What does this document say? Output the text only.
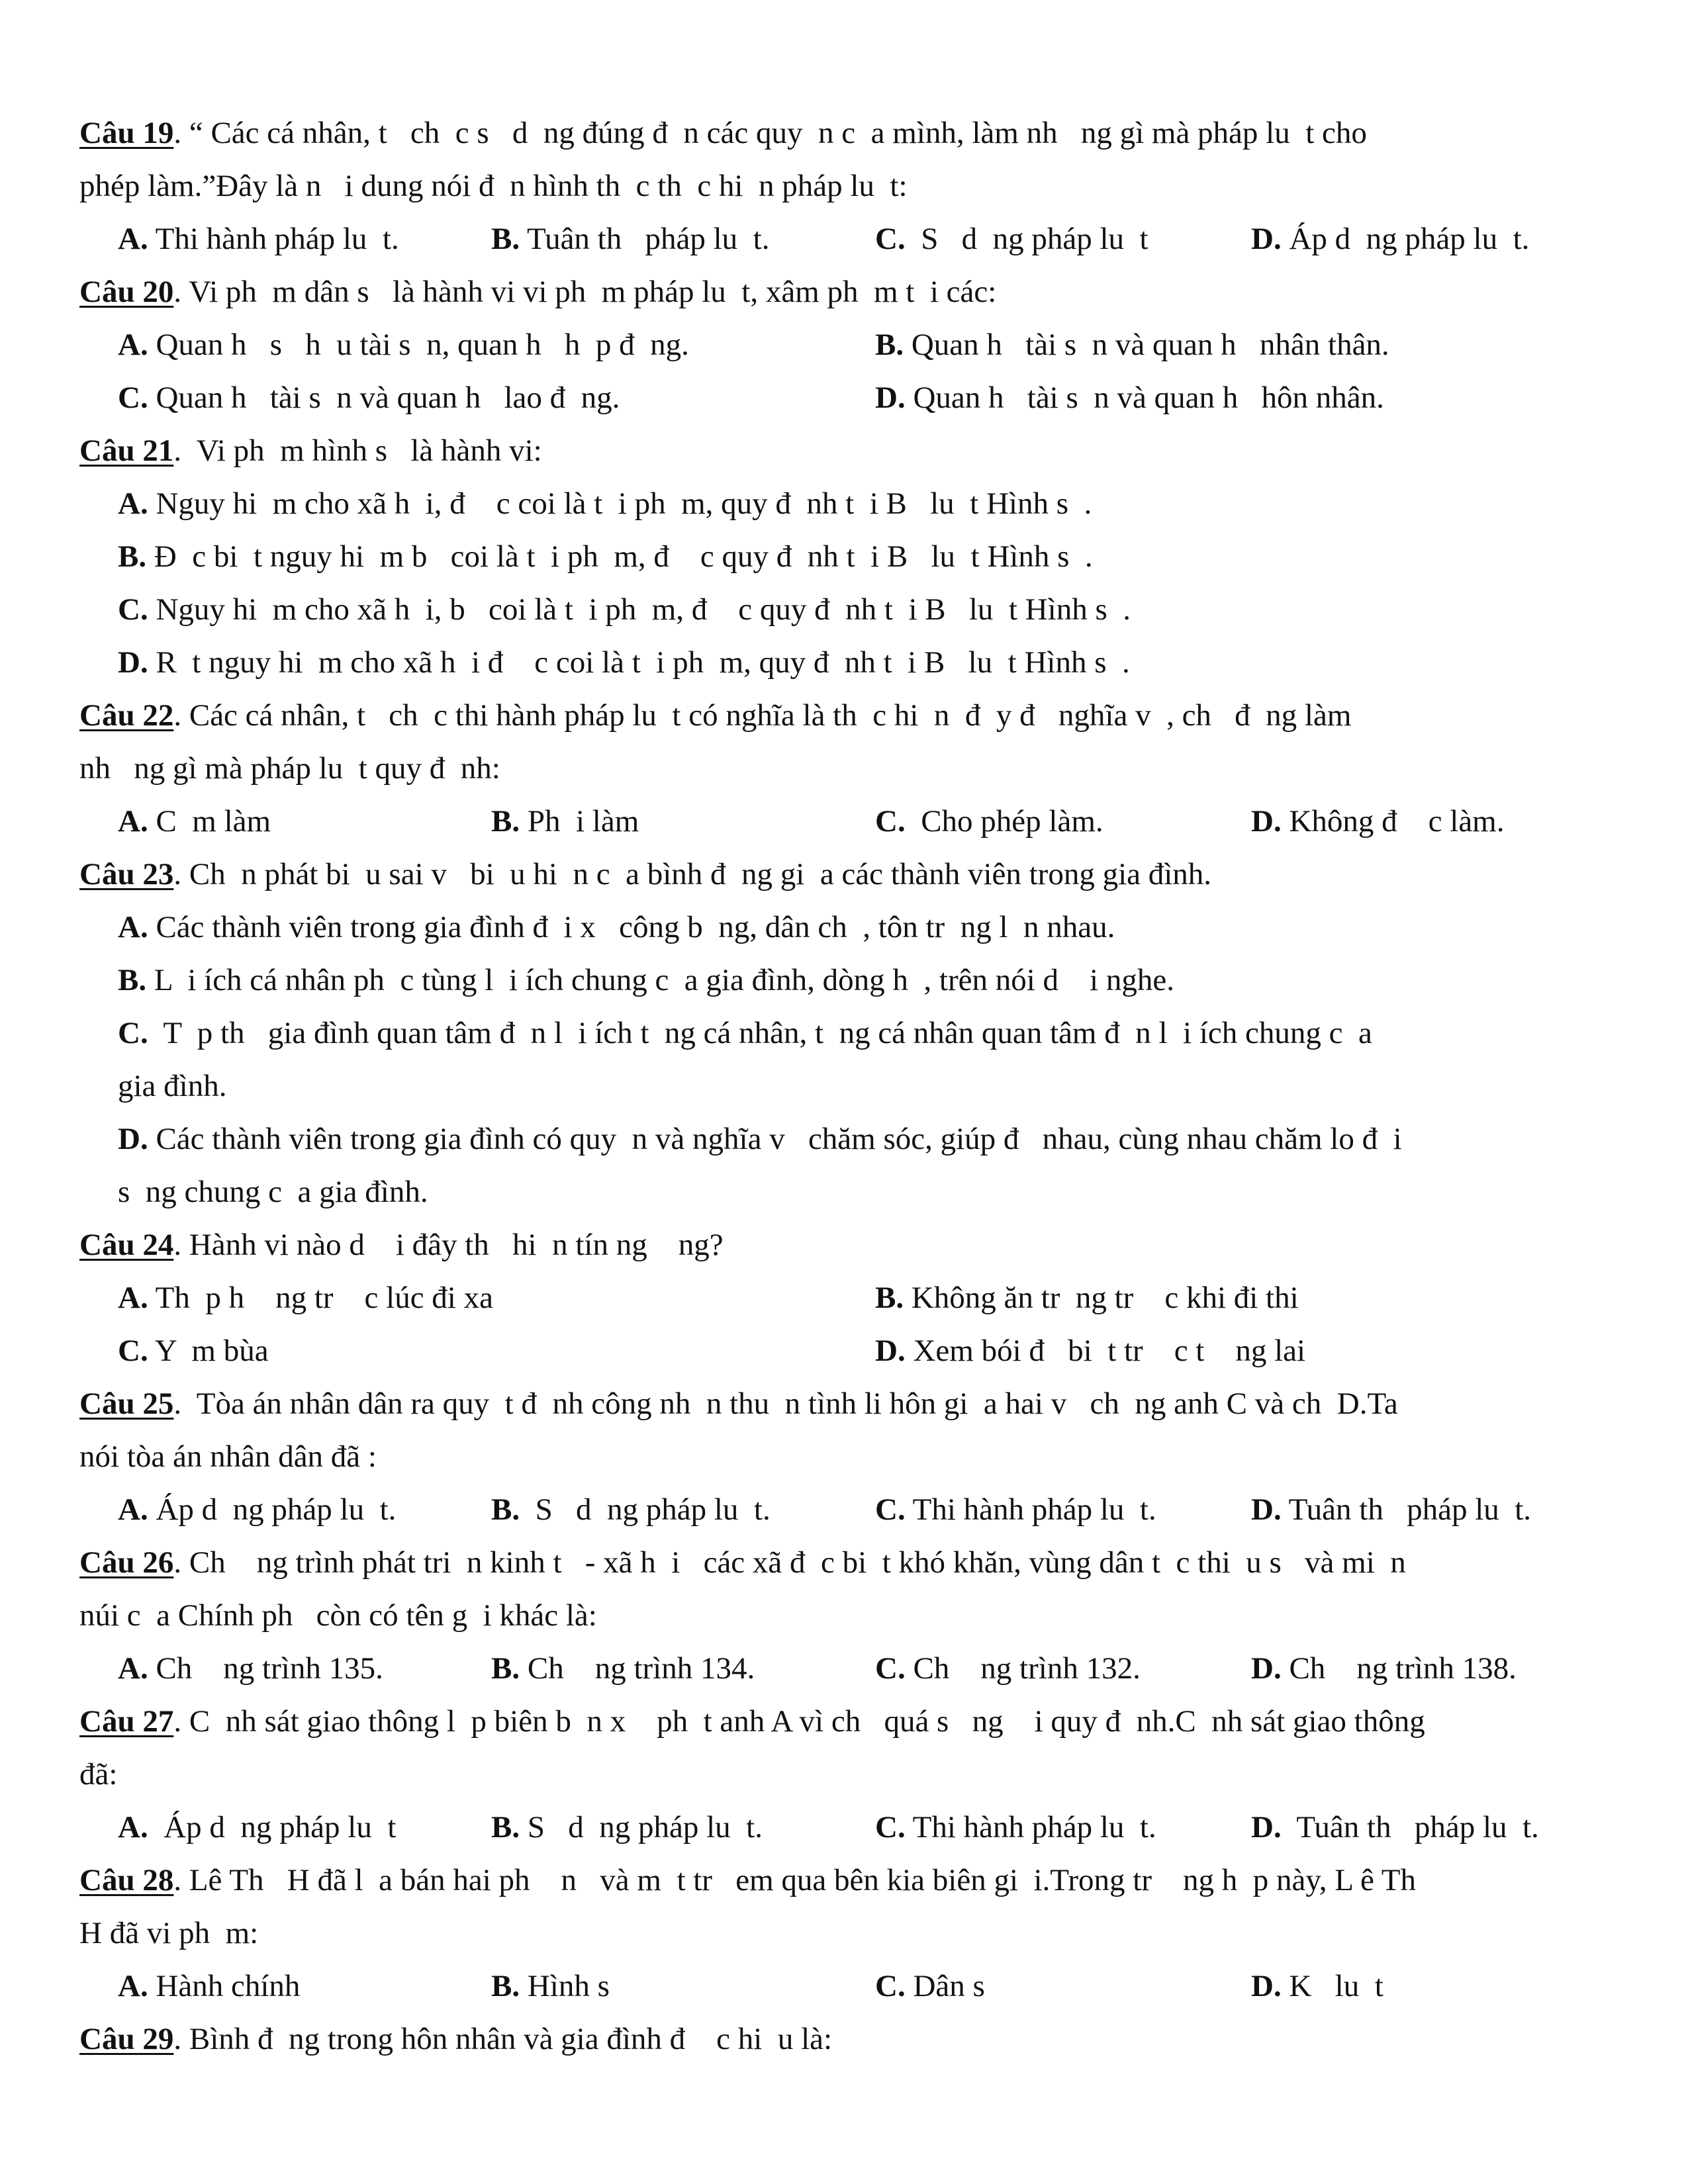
Câu 19. “ Các cá nhân, t   ch  c s   d  ng đúng đ  n các quy  n c  a mình, làm nh   ng gì mà pháp lu  t cho
phép làm.”Đây là n   i dung nói đ  n hình th  c th  c hi  n pháp lu  t:
A. Thi hành pháp lu  t.	B. Tuân th   pháp lu  t.	C.  S   d  ng pháp lu  t	D. Áp d  ng pháp lu  t.
Câu 20. Vi ph  m dân s   là hành vi vi ph  m pháp lu  t, xâm ph  m t  i các:
A. Quan h   s   h  u tài s  n, quan h   h  p đ  ng.	B. Quan h   tài s  n và quan h   nhân thân.
C. Quan h   tài s  n và quan h   lao đ  ng.	D. Quan h   tài s  n và quan h   hôn nhân.
Câu 21.  Vi ph  m hình s   là hành vi:
A. Nguy hi  m cho xã h  i, đ    c coi là t  i ph  m, quy đ  nh t  i B   lu  t Hình s  .
B. Đ  c bi  t nguy hi  m b   coi là t  i ph  m, đ    c quy đ  nh t  i B   lu  t Hình s  .
C. Nguy hi  m cho xã h  i, b   coi là t  i ph  m, đ    c quy đ  nh t  i B   lu  t Hình s  .
D. R  t nguy hi  m cho xã h  i đ    c coi là t  i ph  m, quy đ  nh t  i B   lu  t Hình s  .
Câu 22. Các cá nhân, t   ch  c thi hành pháp lu  t có nghĩa là th  c hi  n  đ  y đ   nghĩa v  , ch   đ  ng làm
nh   ng gì mà pháp lu  t quy đ  nh:
A. C  m làm	B. Ph  i làm	C.  Cho phép làm.	D. Không đ    c làm.
Câu 23. Ch  n phát bi  u sai v   bi  u hi  n c  a bình đ  ng gi  a các thành viên trong gia đình.
A. Các thành viên trong gia đình đ  i x   công b  ng, dân ch  , tôn tr  ng l  n nhau.
B. L  i ích cá nhân ph  c tùng l  i ích chung c  a gia đình, dòng h  , trên nói d    i nghe.
C.  T  p th   gia đình quan tâm đ  n l  i ích t  ng cá nhân, t  ng cá nhân quan tâm đ  n l  i ích chung c  a
gia đình.
D. Các thành viên trong gia đình có quy  n và nghĩa v   chăm sóc, giúp đ   nhau, cùng nhau chăm lo đ  i
s  ng chung c  a gia đình.
Câu 24. Hành vi nào d    i đây th   hi  n tín ng    ng?
A. Th  p h    ng tr    c lúc đi xa	B. Không ăn tr  ng tr    c khi đi thi
C. Y  m bùa	D. Xem bói đ   bi  t tr    c t    ng lai
Câu 25.  Tòa án nhân dân ra quy  t đ  nh công nh  n thu  n tình li hôn gi  a hai v   ch  ng anh C và ch  D.Ta
nói tòa án nhân dân đã :
A. Áp d  ng pháp lu  t.	B.  S   d  ng pháp lu  t.	C. Thi hành pháp lu  t.	D. Tuân th   pháp lu  t.
Câu 26. Ch    ng trình phát tri  n kinh t   - xã h  i   các xã đ  c bi  t khó khăn, vùng dân t  c thi  u s   và mi  n
núi c  a Chính ph   còn có tên g  i khác là:
A. Ch    ng trình 135.	B. Ch    ng trình 134.	C. Ch    ng trình 132.	D. Ch    ng trình 138.
Câu 27. C  nh sát giao thông l  p biên b  n x    ph  t anh A vì ch   quá s   ng    i quy đ  nh.C  nh sát giao thông
đã:
A.  Áp d  ng pháp lu  t	B. S   d  ng pháp lu  t.	C. Thi hành pháp lu  t.	D.  Tuân th   pháp lu  t.
Câu 28. Lê Th   H đã l  a bán hai ph    n   và m  t tr   em qua bên kia biên gi  i.Trong tr    ng h  p này, L ê Th
H đã vi ph  m:
A. Hành chính	B. Hình s	C. Dân s	D. K   lu  t
Câu 29. Bình đ  ng trong hôn nhân và gia đình đ    c hi  u là:
